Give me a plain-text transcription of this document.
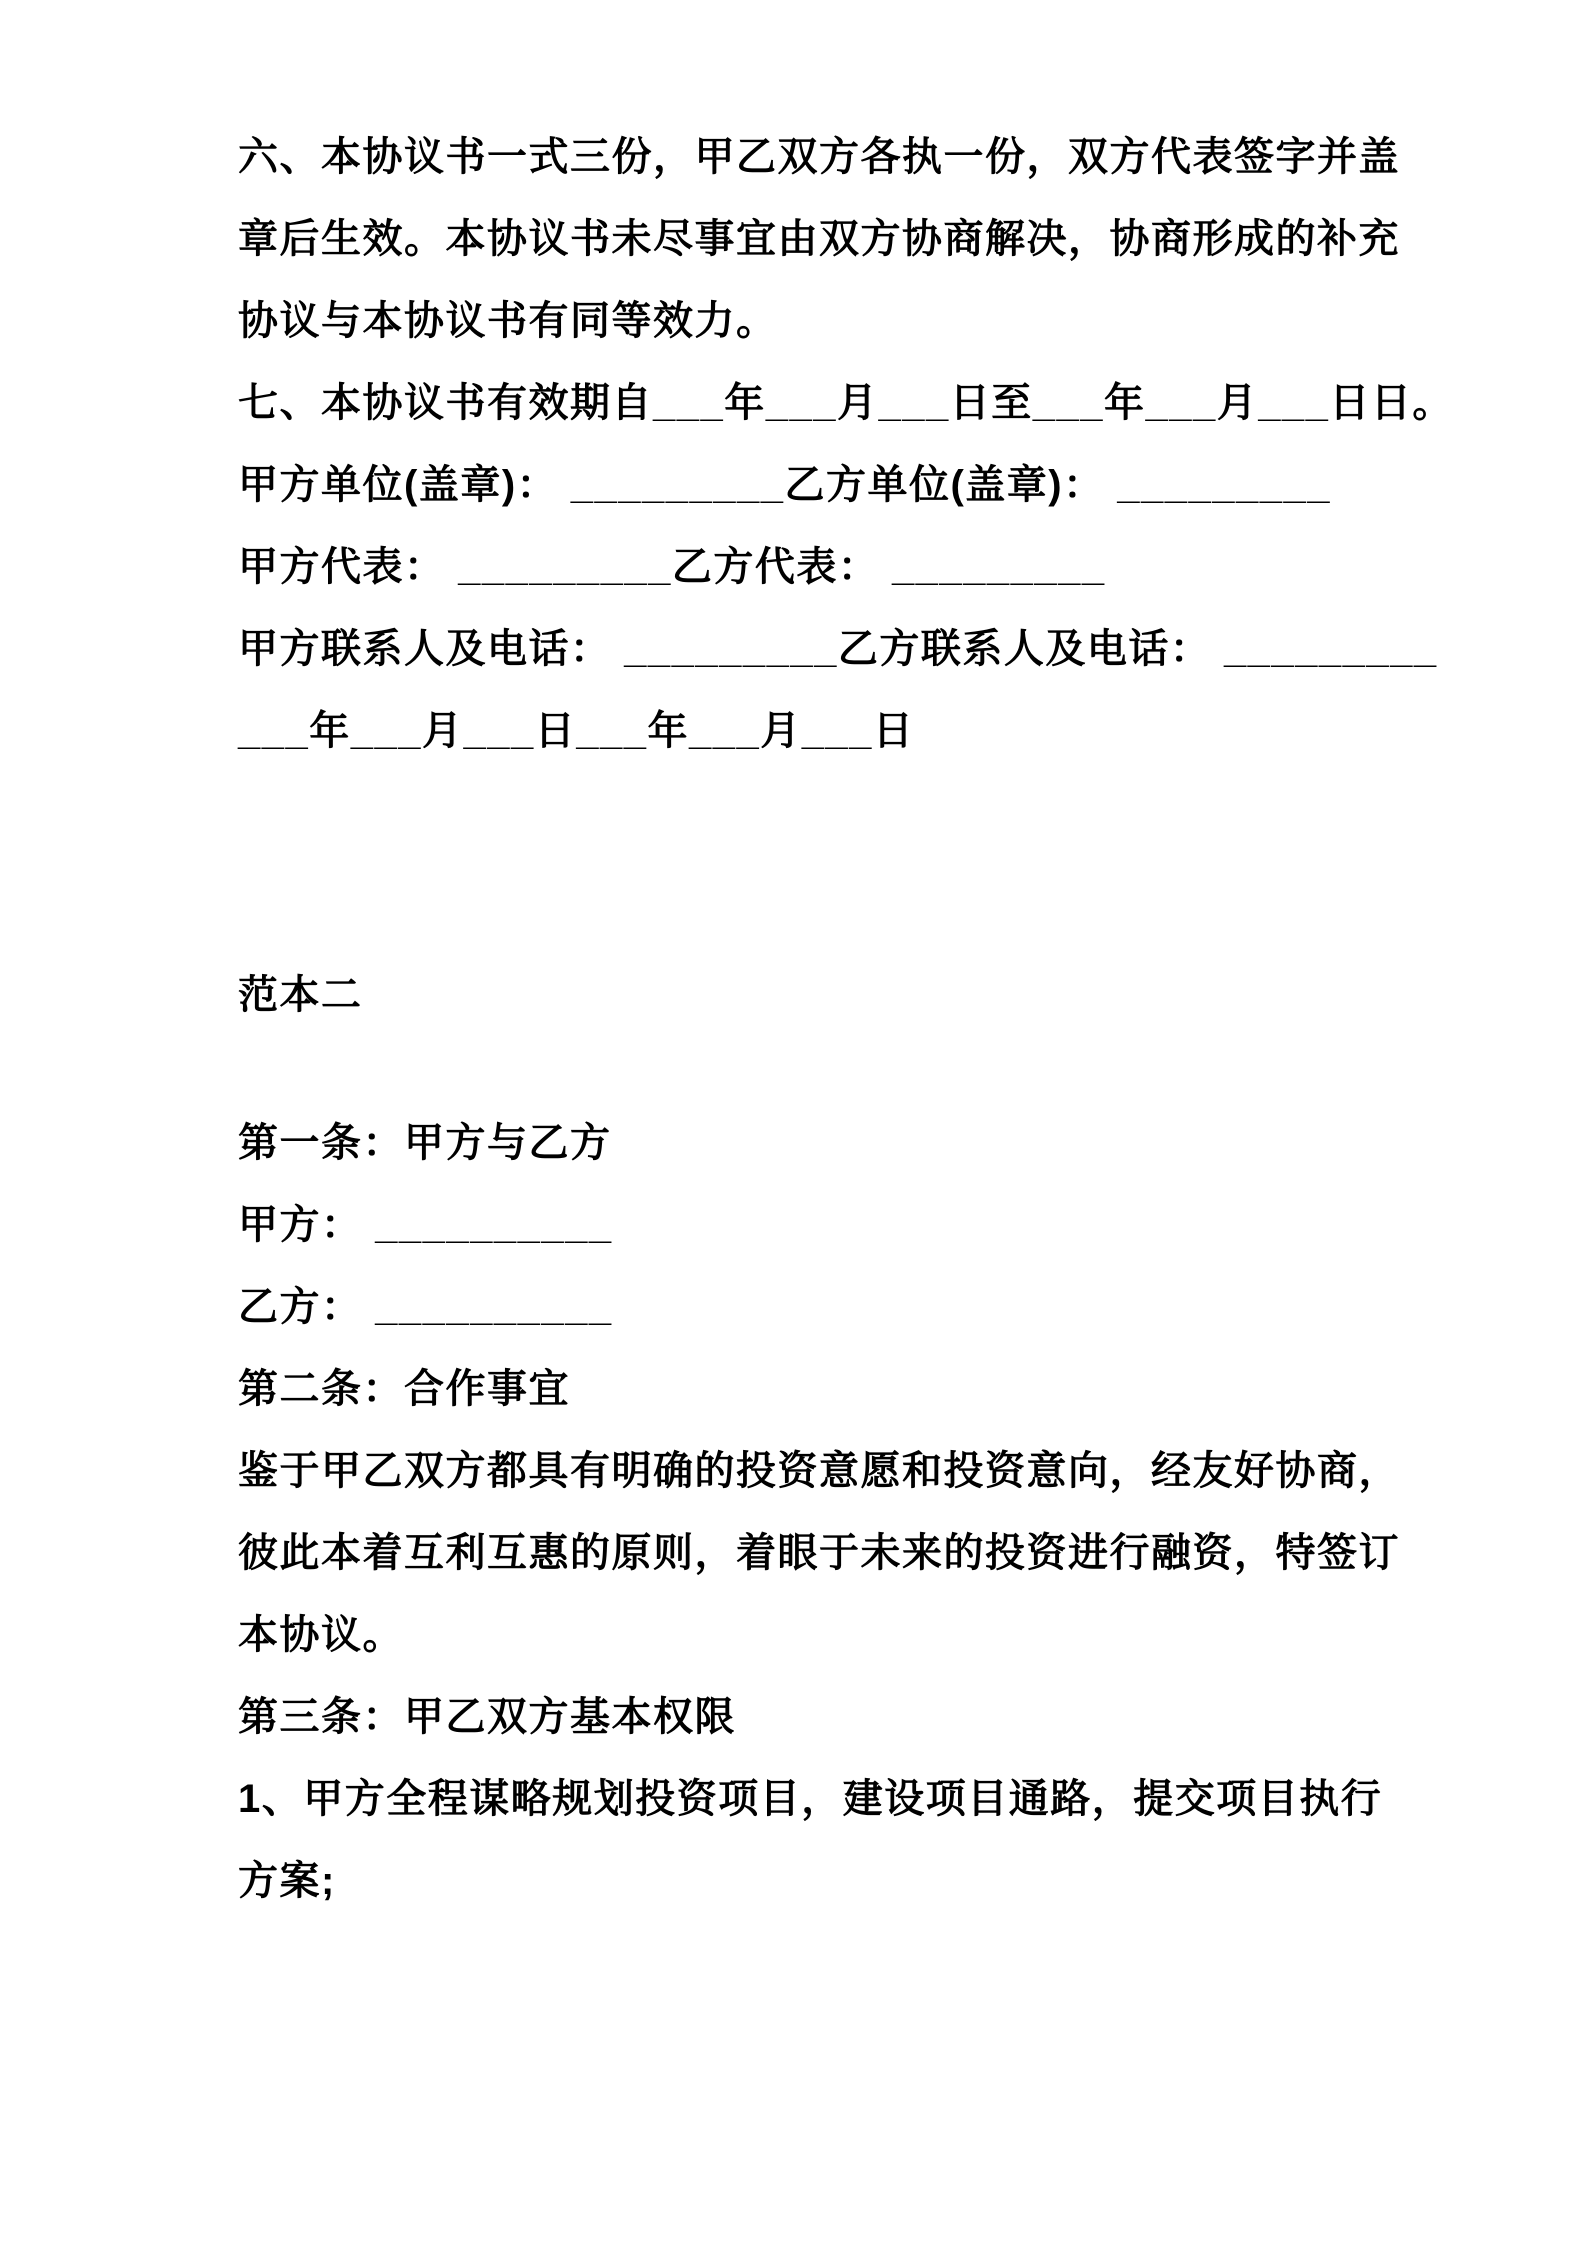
六、本协议书一式三份，甲乙双方各执一份，双方代表签字并盖

章后生效。本协议书未尽事宜由双方协商解决，协商形成的补充

协议与本协议书有同等效力。

七、本协议书有效期自___年___月___日至___年___月___日日。

甲方单位(盖章)： _________乙方单位(盖章)： _________

甲方代表： _________乙方代表： _________

甲方联系人及电话： _________乙方联系人及电话： _________

___年___月___日___年___月___日

范本二

第一条：甲方与乙方

甲方： __________

乙方： __________

第二条：合作事宜

鉴于甲乙双方都具有明确的投资意愿和投资意向，经友好协商，

彼此本着互利互惠的原则，着眼于未来的投资进行融资，特签订

本协议。

第三条：甲乙双方基本权限

1、甲方全程谋略规划投资项目，建设项目通路，提交项目执行

方案;
